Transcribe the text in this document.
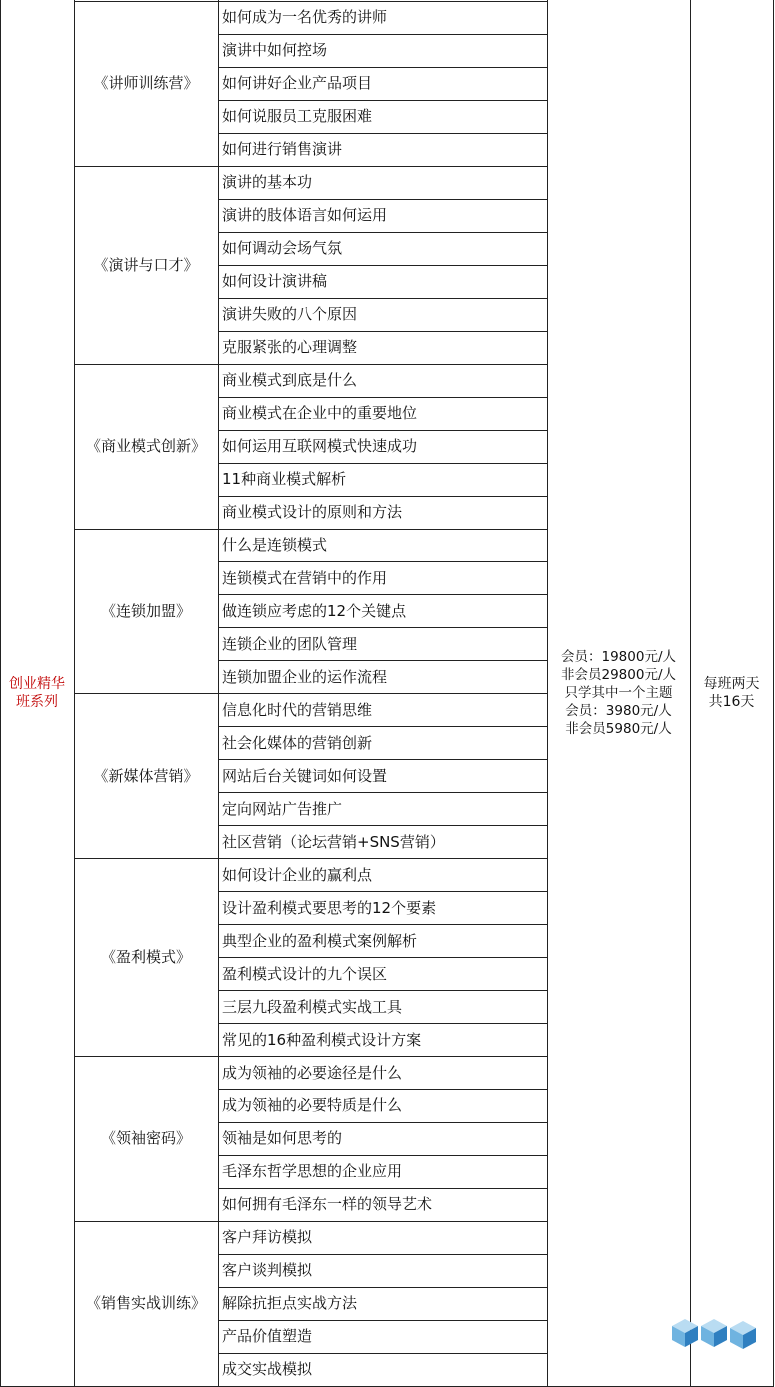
《讲师训练营》
如何成为一名优秀的讲师
演讲中如何控场
如何讲好企业产品项目
如何说服员工克服困难
如何进行销售演讲
《演讲与口才》
演讲的基本功
演讲的肢体语言如何运用
如何调动会场气氛
如何设计演讲稿
演讲失败的八个原因
克服紧张的心理调整
《商业模式创新》
商业模式到底是什么
商业模式在企业中的重要地位
如何运用互联网模式快速成功
11种商业模式解析
商业模式设计的原则和方法
《连锁加盟》
什么是连锁模式
连锁模式在营销中的作用
做连锁应考虑的12个关键点
连锁企业的团队管理
连锁加盟企业的运作流程
《新媒体营销》
信息化时代的营销思维
社会化媒体的营销创新
网站后台关键词如何设置
定向网站广告推广
社区营销（论坛营销+SNS营销）
《盈利模式》
如何设计企业的赢利点
设计盈利模式要思考的12个要素
典型企业的盈利模式案例解析
盈利模式设计的九个误区
三层九段盈利模式实战工具
常见的16种盈利模式设计方案
《领袖密码》
成为领袖的必要途径是什么
成为领袖的必要特质是什么
领袖是如何思考的
毛泽东哲学思想的企业应用
如何拥有毛泽东一样的领导艺术
《销售实战训练》
客户拜访模拟
客户谈判模拟
解除抗拒点实战方法
产品价值塑造
成交实战模拟
创业精华
班系列
会员：19800元/人
非会员29800元/人
只学其中一个主题
会员：3980元/人
非会员5980元/人
每班两天
共16天
